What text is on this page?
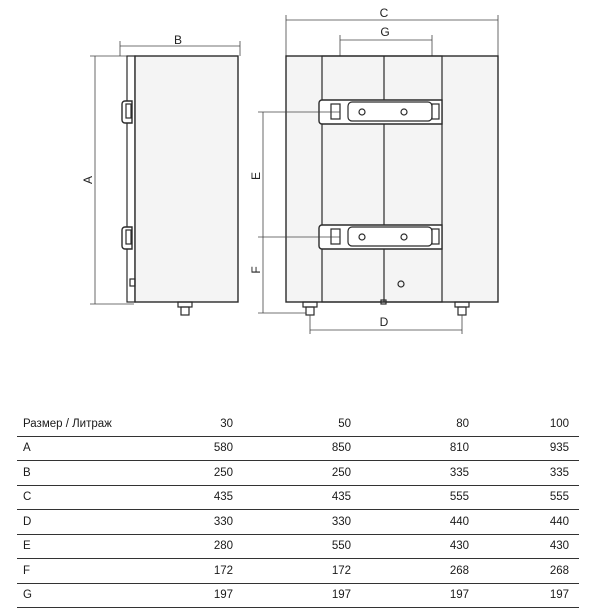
B
A
C
G
E
F
D
Размер / Литраж	30	50	80	100
A	580	850	810	935
B	250	250	335	335
C	435	435	555	555
D	330	330	440	440
E	280	550	430	430
F	172	172	268	268
G	197	197	197	197
